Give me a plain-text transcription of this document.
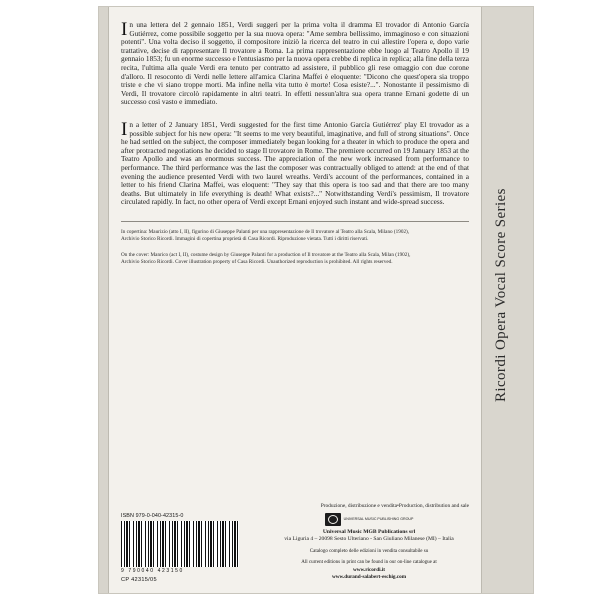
Ricordi Opera Vocal Score Series

In una lettera del 2 gennaio 1851, Verdi suggerì per la prima volta il dramma El trovador di Antonio García Gutiérrez, come possibile soggetto per la sua nuova opera: "Ame sembra bellissimo, immaginoso e con situazioni potenti". Una volta deciso il soggetto, il compositore iniziò la ricerca del teatro in cui allestire l'opera e, dopo varie trattative, decise di rappresentare Il trovatore a Roma. La prima rappresentazione ebbe luogo al Teatro Apollo il 19 gennaio 1853; fu un enorme successo e l'entusiasmo per la nuova opera crebbe di replica in replica; alla fine della terza recita, l'ultima alla quale Verdi era tenuto per contratto ad assistere, il pubblico gli rese omaggio con due corone d'alloro. Il resoconto di Verdi nelle lettere all'amica Clarina Maffei è eloquente: "Dicono che quest'opera sia troppo triste e che vi siano troppe morti. Ma infine nella vita tutto è morte! Cosa esiste?...". Nonostante il pessimismo di Verdi, Il trovatore circolò rapidamente in altri teatri. In effetti nessun'altra sua opera tranne Ernani godette di un successo così vasto e immediato.

In a letter of 2 January 1851, Verdi suggested for the first time Antonio García Gutiérrez' play El trovador as a possible subject for his new opera: "It seems to me very beautiful, imaginative, and full of strong situations". Once he had settled on the subject, the composer immediately began looking for a theater in which to produce the opera and after protracted negotiations he decided to stage Il trovatore in Rome. The premiere occurred on 19 January 1853 at the Teatro Apollo and was an enormous success. The appreciation of the new work increased from performance to performance. The third performance was the last the composer was contractually obliged to attend: at the end of that evening the audience presented Verdi with two laurel wreaths. Verdi's account of the performances, contained in a letter to his friend Clarina Maffei, was eloquent: "They say that this opera is too sad and that there are too many deaths. But ultimately in life everything is death! What exists?..." Notwithstanding Verdi's pessimism, Il trovatore circulated rapidly. In fact, no other opera of Verdi except Ernani enjoyed such instant and wide-spread success.

In copertina: Maurizio (atto I, II), figurino di Giuseppe Palanti per una rappresentazione de Il trovatore al Teatro alla Scala, Milano (1902), Archivio Storico Ricordi. Immagini di copertina proprietà di Casa Ricordi. Riproduzione vietata. Tutti i diritti riservati.

On the cover: Manrico (act I, II), costume design by Giuseppe Palanti for a production of Il trovatore at the Teatro alla Scala, Milan (1902), Archivio Storico Ricordi. Cover illustration property of Casa Ricordi. Unauthorized reproduction is prohibited. All rights reserved.

Produzione, distribuzione e vendita•Production, distribution and sale
ISBN 979-0-040-42315-0
9 790040 423150
CP 42315/05
UNIVERSAL MUSIC PUBLISHING GROUP
Universal Music MGB Publications srl
via Liguria 4 – 20098 Sesto Ulteriano - San Giuliano Milanese (MI) – Italia
Catalogo completo delle edizioni in vendita consultabile su
All current editions in print can be found in our on-line catalogue at
www.ricordi.it
www.durand-salabert-eschig.com
